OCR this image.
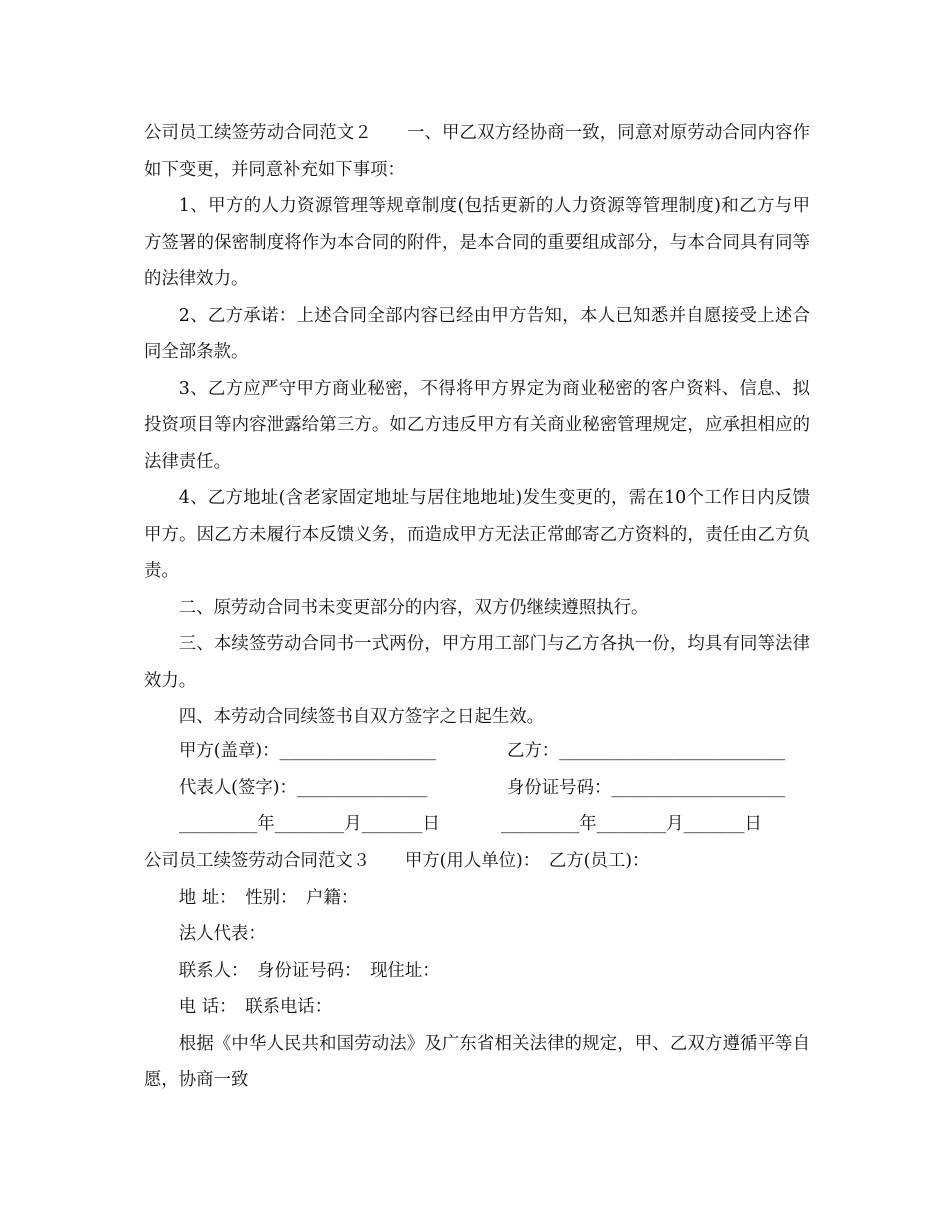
公司员工续签劳动合同范文２　　一、甲乙双方经协商一致，同意对原劳动合同内容作如下变更，并同意补充如下事项：

1、甲方的人力资源管理等规章制度(包括更新的人力资源等管理制度)和乙方与甲方签署的保密制度将作为本合同的附件，是本合同的重要组成部分，与本合同具有同等的法律效力。

2、乙方承诺：上述合同全部内容已经由甲方告知，本人已知悉并自愿接受上述合同全部条款。

3、乙方应严守甲方商业秘密，不得将甲方界定为商业秘密的客户资料、信息、拟投资项目等内容泄露给第三方。如乙方违反甲方有关商业秘密管理规定，应承担相应的法律责任。

4、乙方地址(含老家固定地址与居住地地址)发生变更的，需在10个工作日内反馈甲方。因乙方未履行本反馈义务，而造成甲方无法正常邮寄乙方资料的，责任由乙方负责。

二、原劳动合同书未变更部分的内容，双方仍继续遵照执行。

三、本续签劳动合同书一式两份，甲方用工部门与乙方各执一份，均具有同等法律效力。

四、本劳动合同续签书自双方签字之日起生效。

甲方(盖章)：__________________	乙方：__________________________
代表人(签字)：_______________	身份证号码：____________________
_________年________月_______日	_________年________月_______日

公司员工续签劳动合同范文３　　甲方(用人单位)：　乙方(员工)：

地 址：　性别：　户籍：

法人代表：

联系人：　身份证号码：　现住址：

电 话：　联系电话：

根据《中华人民共和国劳动法》及广东省相关法律的规定，甲、乙双方遵循平等自愿，协商一致
